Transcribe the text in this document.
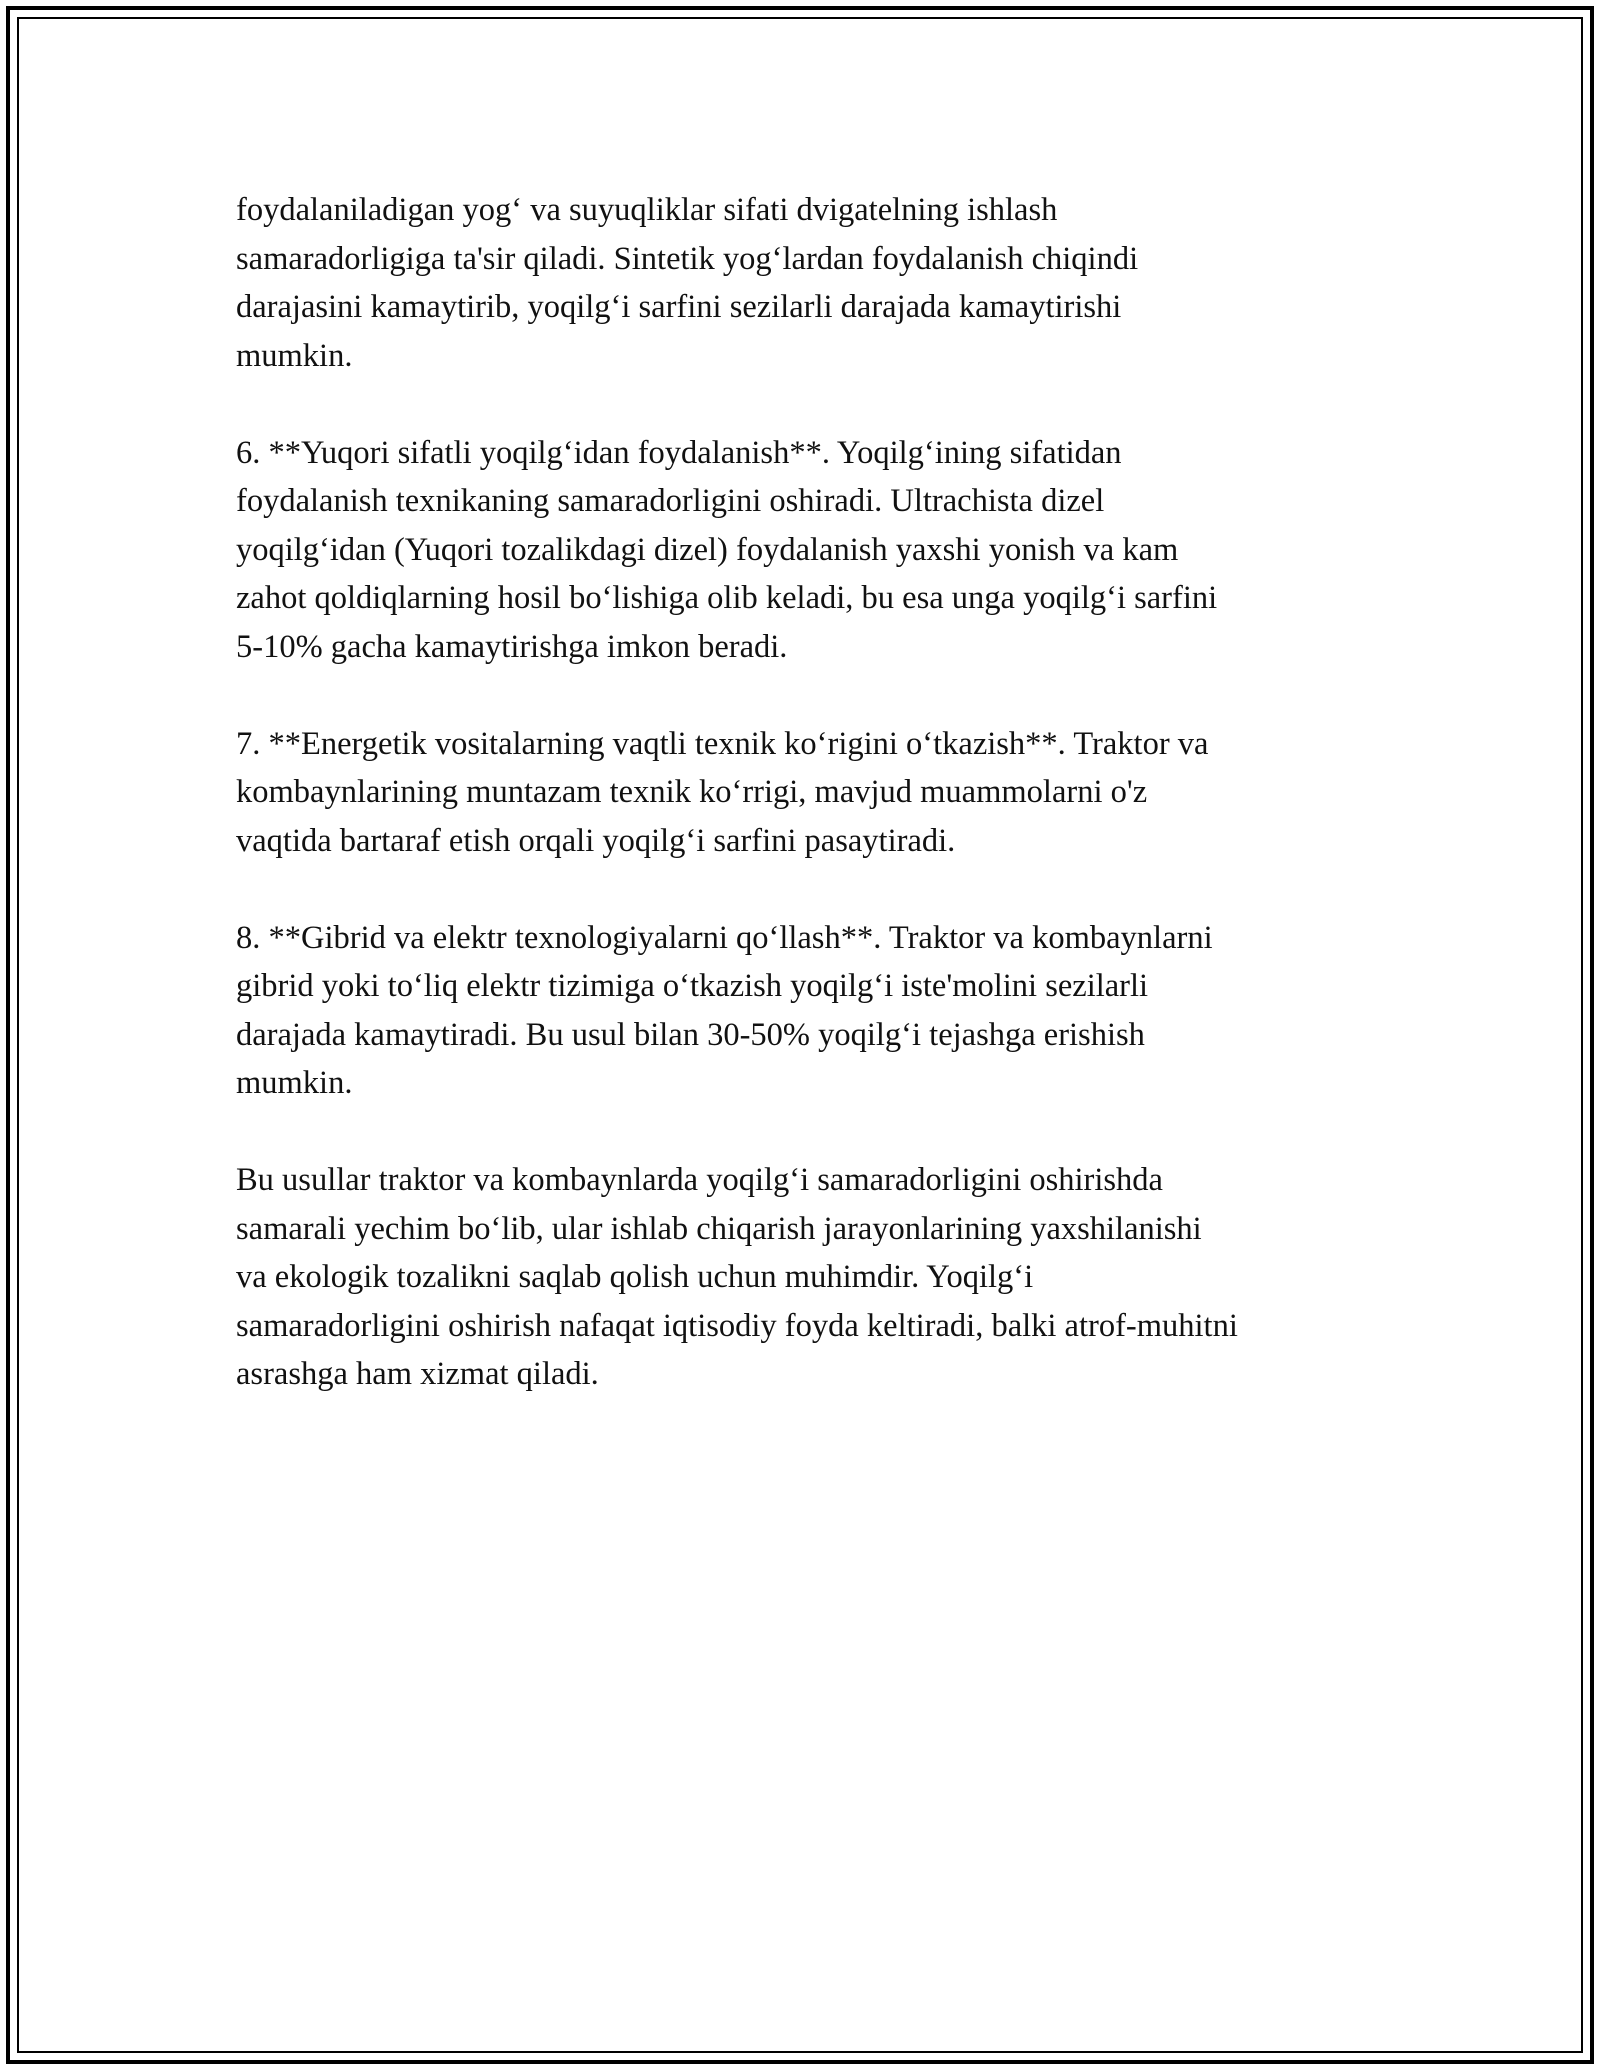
foydalaniladigan yog‘ va suyuqliklar sifati dvigatelning ishlash
samaradorligiga ta'sir qiladi. Sintetik yog‘lardan foydalanish chiqindi
darajasini kamaytirib, yoqilg‘i sarfini sezilarli darajada kamaytirishi
mumkin.

6. **Yuqori sifatli yoqilg‘idan foydalanish**. Yoqilg‘ining sifatidan
foydalanish texnikaning samaradorligini oshiradi. Ultrachista dizel
yoqilg‘idan (Yuqori tozalikdagi dizel) foydalanish yaxshi yonish va kam
zahot qoldiqlarning hosil bo‘lishiga olib keladi, bu esa unga yoqilg‘i sarfini
5-10% gacha kamaytirishga imkon beradi.

7. **Energetik vositalarning vaqtli texnik ko‘rigini o‘tkazish**. Traktor va
kombaynlarining muntazam texnik ko‘rrigi, mavjud muammolarni o'z
vaqtida bartaraf etish orqali yoqilg‘i sarfini pasaytiradi.

8. **Gibrid va elektr texnologiyalarni qo‘llash**. Traktor va kombaynlarni
gibrid yoki to‘liq elektr tizimiga o‘tkazish yoqilg‘i iste'molini sezilarli
darajada kamaytiradi. Bu usul bilan 30-50% yoqilg‘i tejashga erishish
mumkin.

Bu usullar traktor va kombaynlarda yoqilg‘i samaradorligini oshirishda
samarali yechim bo‘lib, ular ishlab chiqarish jarayonlarining yaxshilanishi
va ekologik tozalikni saqlab qolish uchun muhimdir. Yoqilg‘i
samaradorligini oshirish nafaqat iqtisodiy foyda keltiradi, balki atrof-muhitni
asrashga ham xizmat qiladi.
